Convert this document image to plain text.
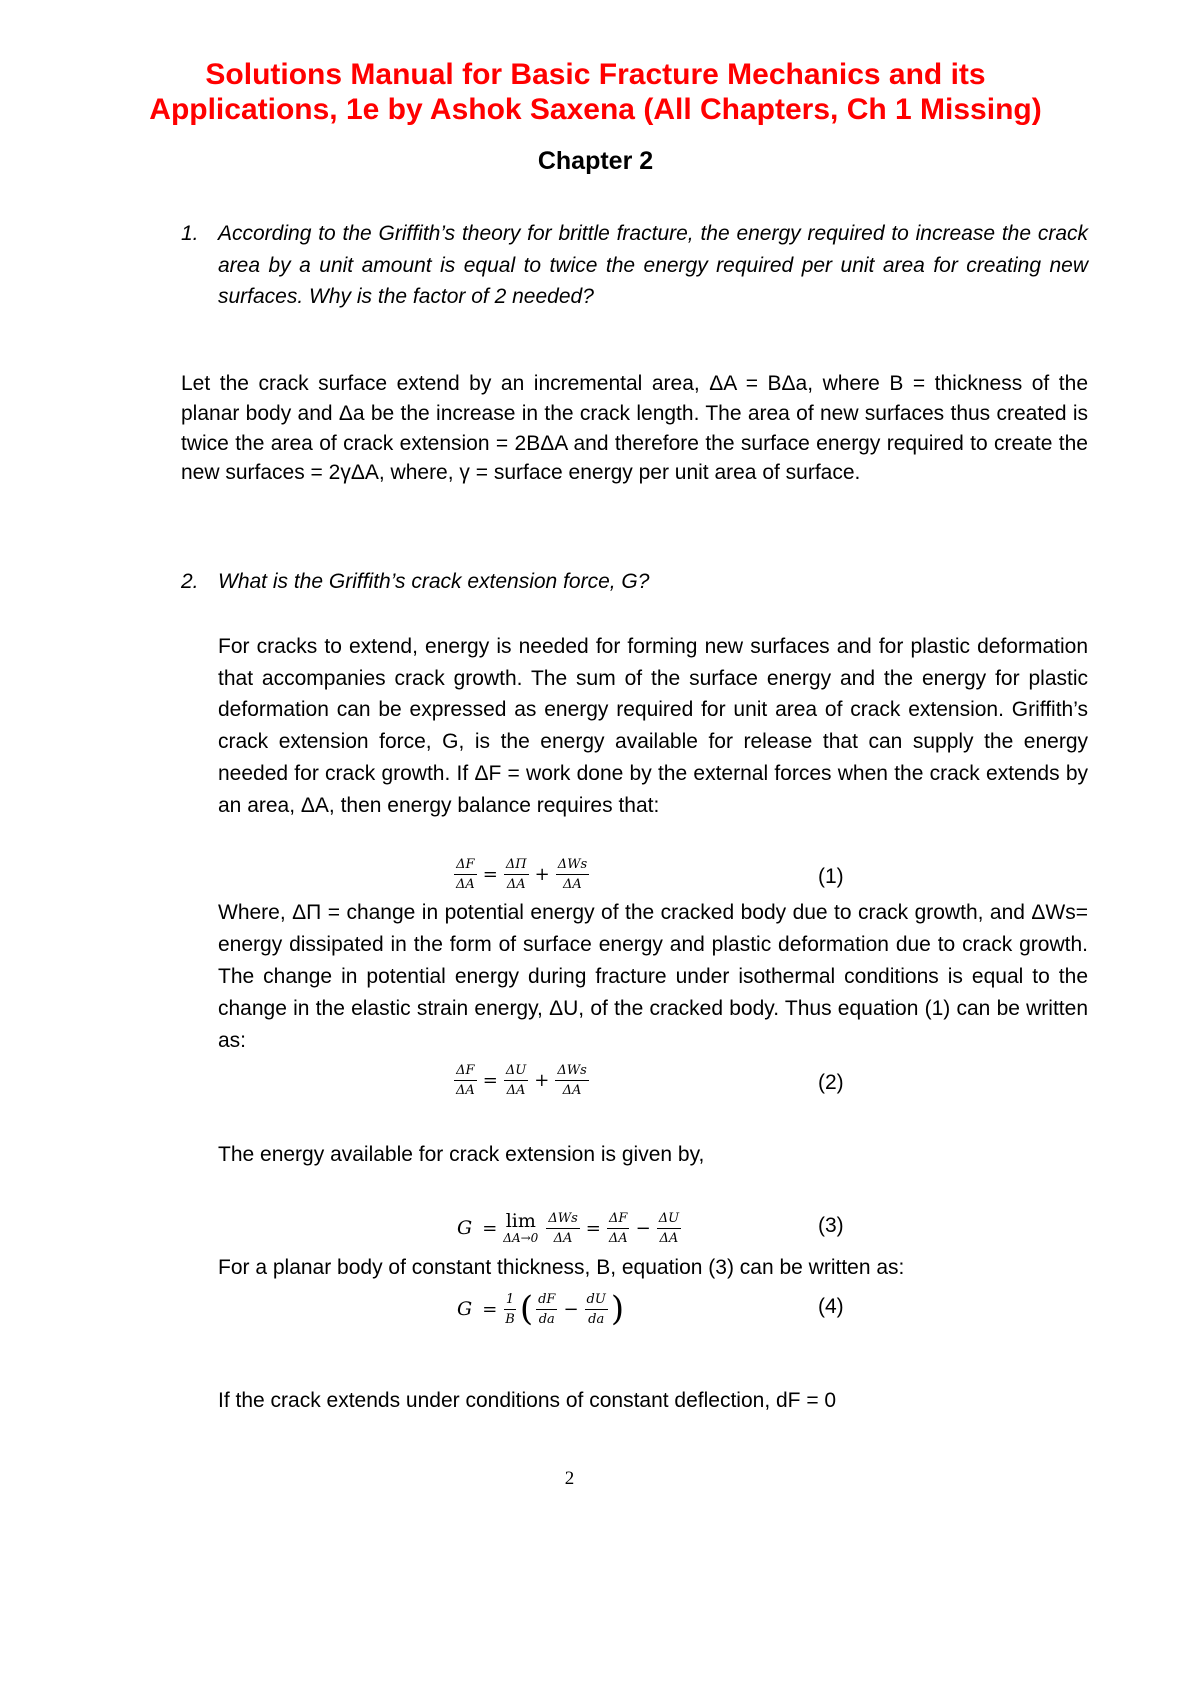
Solutions Manual for Basic Fracture Mechanics and its
Applications, 1e by Ashok Saxena (All Chapters, Ch 1 Missing)
Chapter 2
1. According to the Griffith’s theory for brittle fracture, the energy required to increase the crack area by a unit amount is equal to twice the energy required per unit area for creating new surfaces. Why is the factor of 2 needed?
Let the crack surface extend by an incremental area, ΔA = BΔa, where B = thickness of the planar body and Δa be the increase in the crack length. The area of new surfaces thus created is twice the area of crack extension = 2BΔA and therefore the surface energy required to create the new surfaces = 2γΔA, where, γ = surface energy per unit area of surface.
2. What is the Griffith’s crack extension force, G?
For cracks to extend, energy is needed for forming new surfaces and for plastic deformation that accompanies crack growth. The sum of the surface energy and the energy for plastic deformation can be expressed as energy required for unit area of crack extension. Griffith’s crack extension force, G, is the energy available for release that can supply the energy needed for crack growth. If ΔF = work done by the external forces when the crack extends by an area, ΔA, then energy balance requires that:
$\frac{\Delta F}{\Delta A} = \frac{\Delta\Pi}{\Delta A} + \frac{\text{ΔWs}}{\Delta A}$	(1)
Where, ΔΠ = change in potential energy of the cracked body due to crack growth, and ΔWs= energy dissipated in the form of surface energy and plastic deformation due to crack growth. The change in potential energy during fracture under isothermal conditions is equal to the change in the elastic strain energy, ΔU, of the cracked body. Thus equation (1) can be written as:
$\frac{\Delta F}{\Delta A} = \frac{\Delta U}{\Delta A} + \frac{\text{ΔWs}}{\Delta A}$	(2)
The energy available for crack extension is given by,
G = lim
$\Delta A\to 0 \frac{\text{ΔWs}}{\Delta A} = \frac{\Delta F}{\Delta A} - \frac{\Delta U}{\Delta A}$	(3)
For a planar body of constant thickness, B, equation (3) can be written as:
$G = \frac{1}{B}$ ( $\frac{dF}{da} - \frac{dU}{da}$ )	(4)
If the crack extends under conditions of constant deflection, dF = 0
2
